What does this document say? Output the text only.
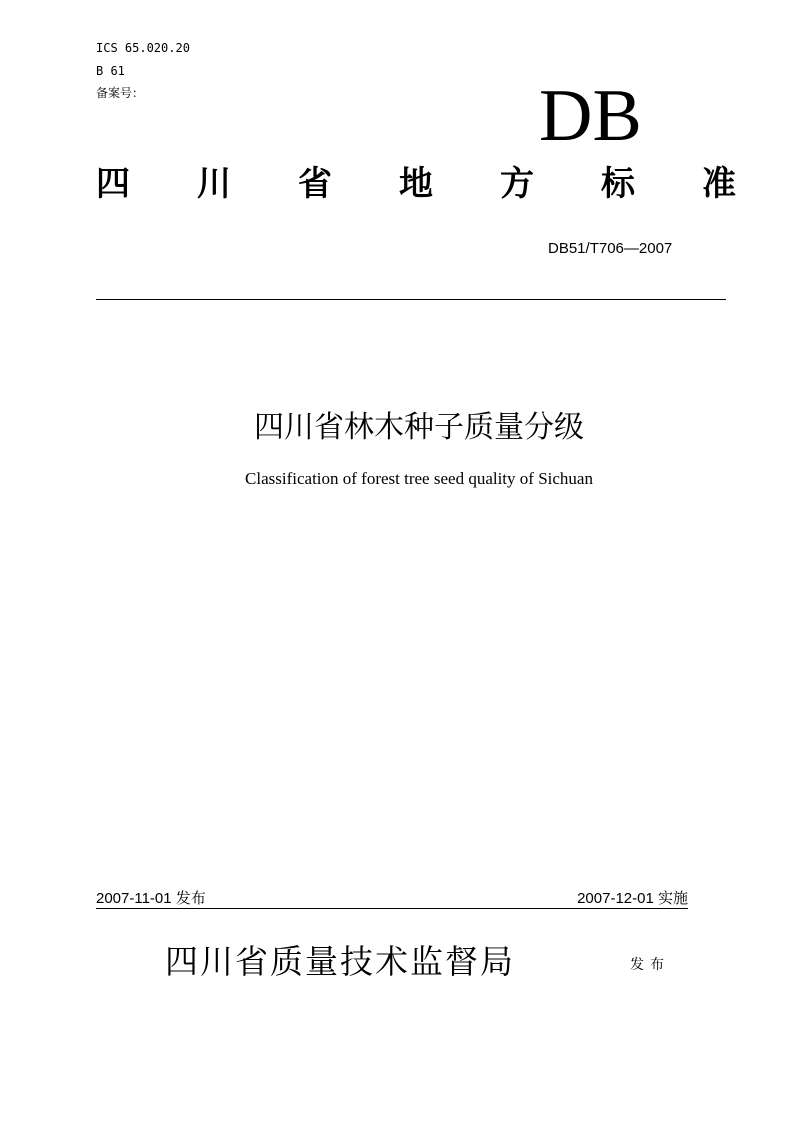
ICS 65.020.20
B 61
备案号：	DB
四 川 省 地 方 标 准
DB51/T706—2007
四川省林木种子质量分级
Classification of forest tree seed quality of Sichuan
2007-11-01 发布	2007-12-01 实施
四川省质量技术监督局	发布
